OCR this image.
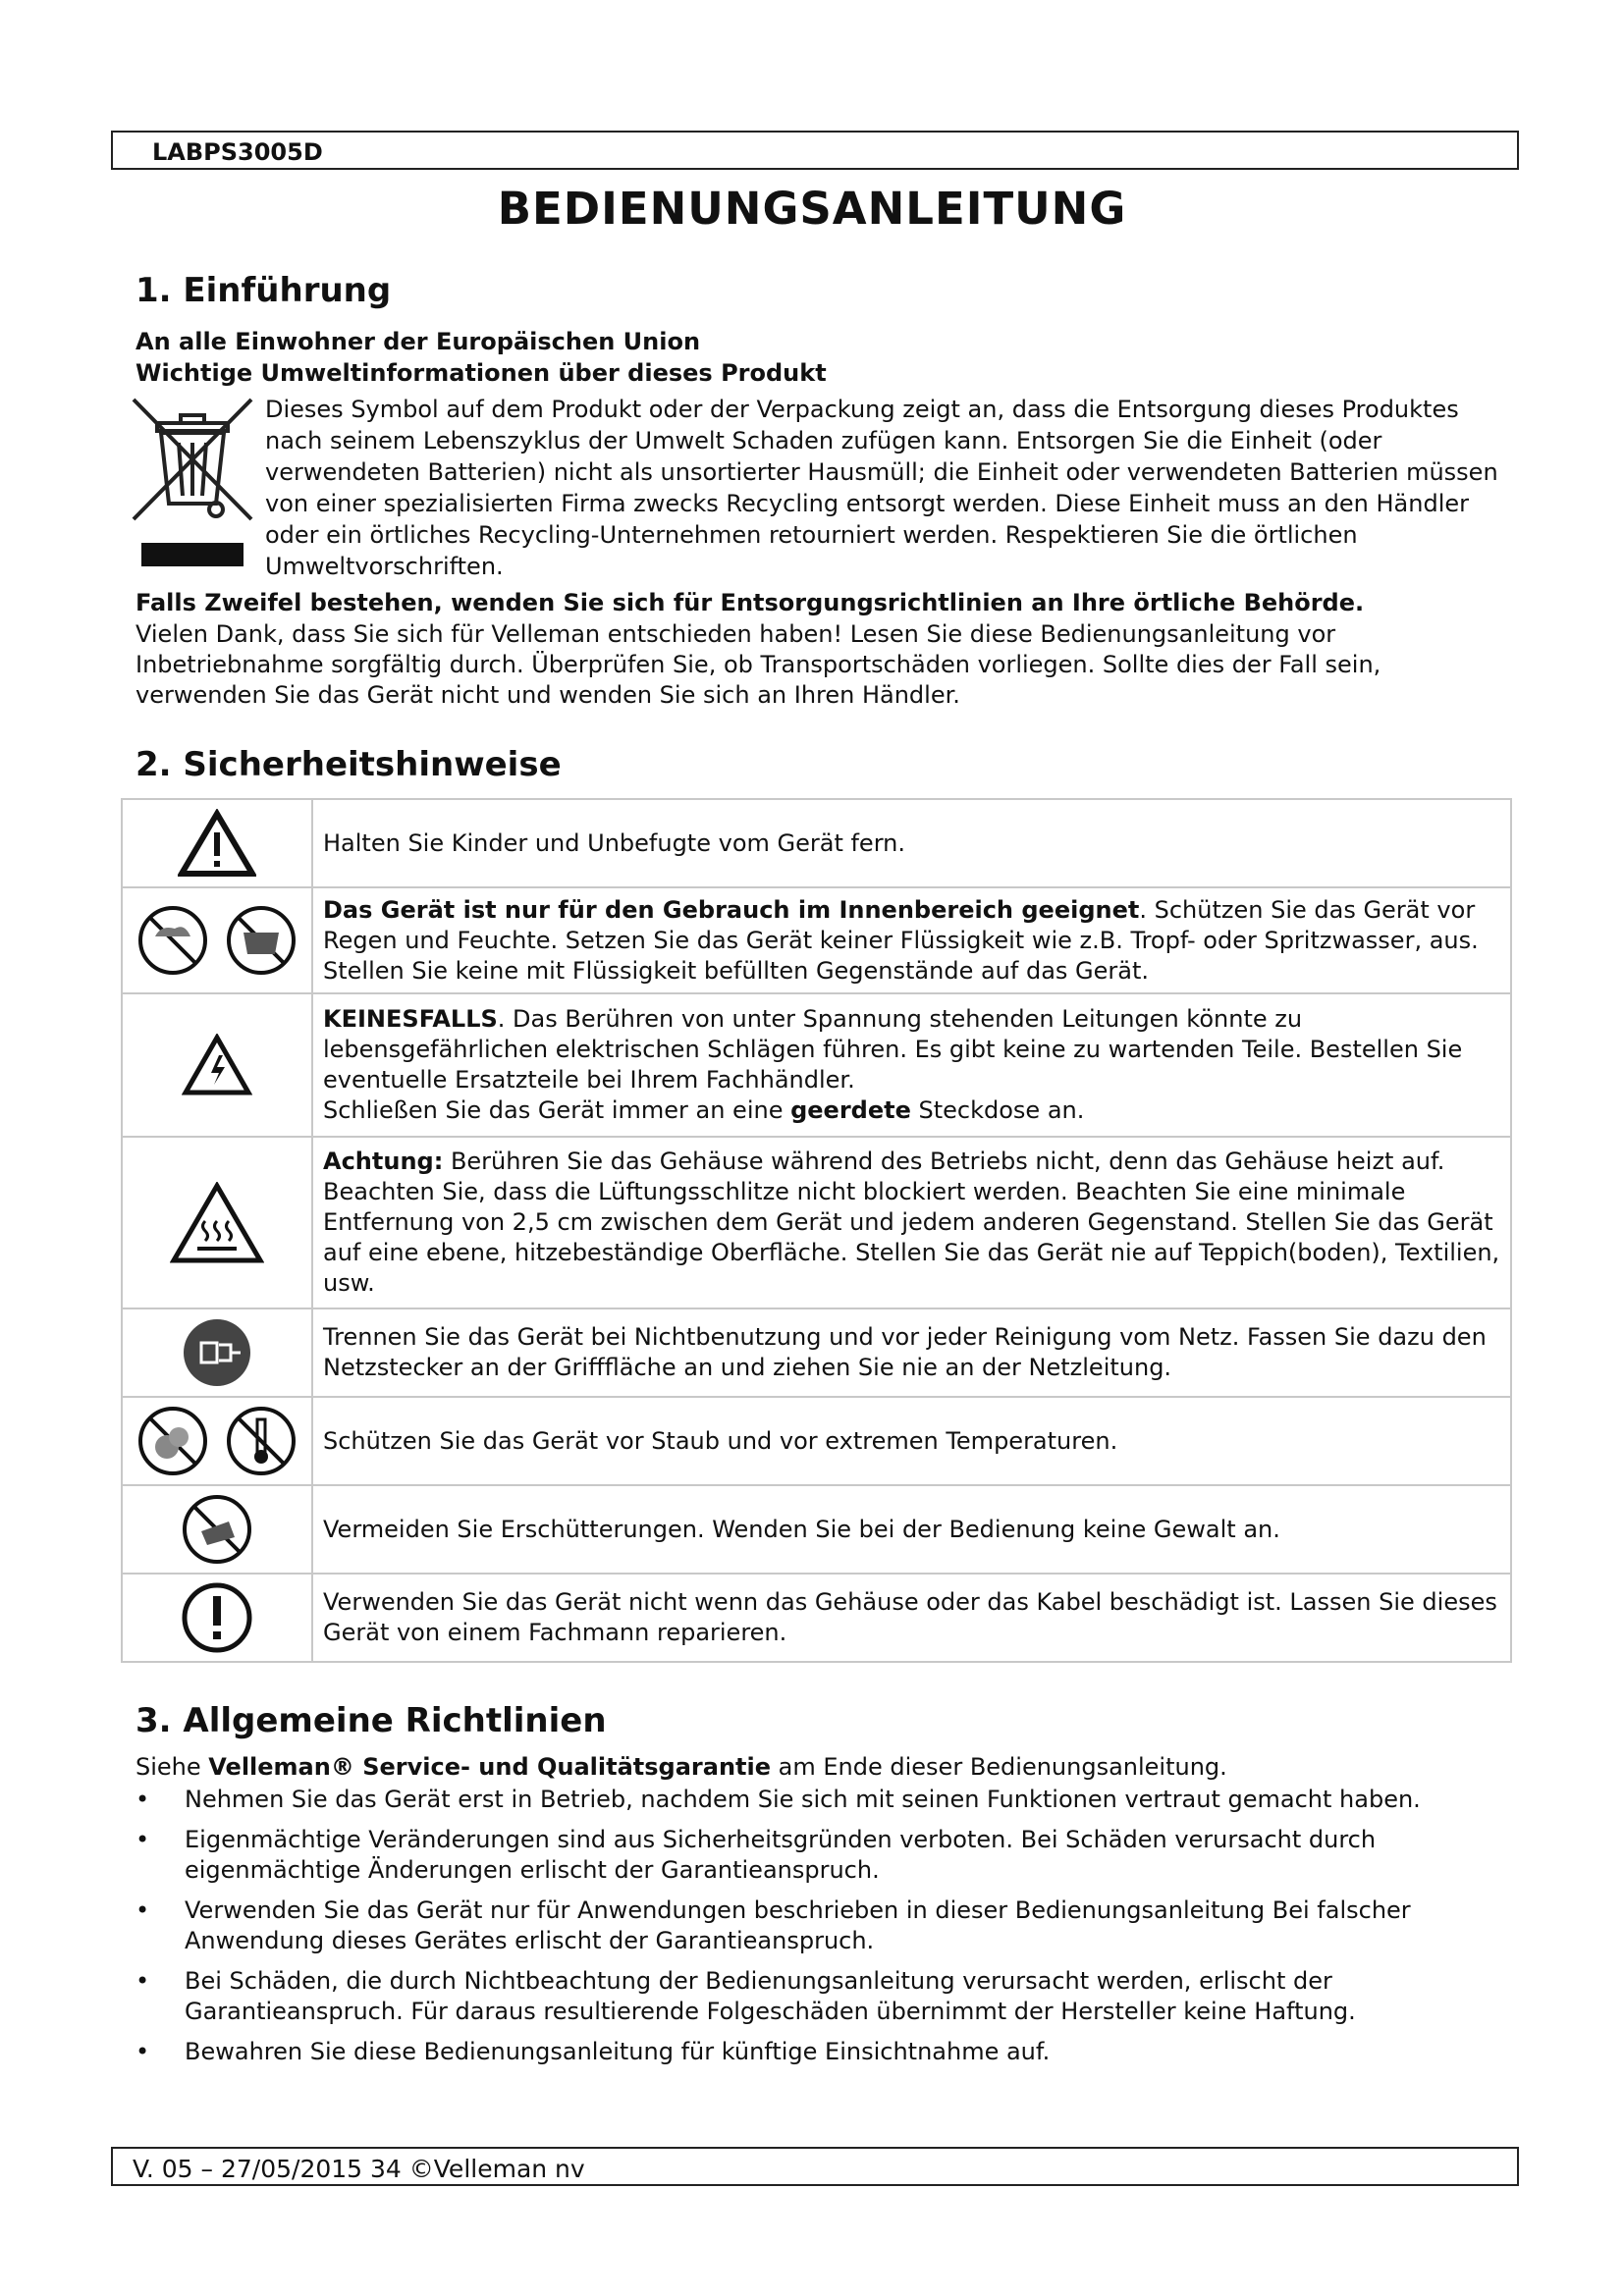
LABPS3005D
BEDIENUNGSANLEITUNG
1. Einführung
An alle Einwohner der Europäischen Union
Wichtige Umweltinformationen über dieses Produkt
Dieses Symbol auf dem Produkt oder der Verpackung zeigt an, dass die Entsorgung dieses Produktes nach seinem Lebenszyklus der Umwelt Schaden zufügen kann. Entsorgen Sie die Einheit (oder verwendeten Batterien) nicht als unsortierter Hausmüll; die Einheit oder verwendeten Batterien müssen von einer spezialisierten Firma zwecks Recycling entsorgt werden. Diese Einheit muss an den Händler oder ein örtliches Recycling-Unternehmen retourniert werden. Respektieren Sie die örtlichen Umweltvorschriften.
Falls Zweifel bestehen, wenden Sie sich für Entsorgungsrichtlinien an Ihre örtliche Behörde.
Vielen Dank, dass Sie sich für Velleman entschieden haben! Lesen Sie diese Bedienungsanleitung vor Inbetriebnahme sorgfältig durch. Überprüfen Sie, ob Transportschäden vorliegen. Sollte dies der Fall sein, verwenden Sie das Gerät nicht und wenden Sie sich an Ihren Händler.
2. Sicherheitshinweise
	Halten Sie Kinder und Unbefugte vom Gerät fern.

	Das Gerät ist nur für den Gebrauch im Innenbereich geeignet. Schützen Sie das Gerät vor Regen und Feuchte. Setzen Sie das Gerät keiner Flüssigkeit wie z.B. Tropf- oder Spritzwasser, aus. Stellen Sie keine mit Flüssigkeit befüllten Gegenstände auf das Gerät.

	KEINESFALLS. Das Berühren von unter Spannung stehenden Leitungen könnte zu lebensgefährlichen elektrischen Schlägen führen. Es gibt keine zu wartenden Teile. Bestellen Sie eventuelle Ersatzteile bei Ihrem Fachhändler.
Schließen Sie das Gerät immer an eine geerdete Steckdose an.

	Achtung: Berühren Sie das Gehäuse während des Betriebs nicht, denn das Gehäuse heizt auf. Beachten Sie, dass die Lüftungsschlitze nicht blockiert werden. Beachten Sie eine minimale Entfernung von 2,5 cm zwischen dem Gerät und jedem anderen Gegenstand. Stellen Sie das Gerät auf eine ebene, hitzebeständige Oberfläche. Stellen Sie das Gerät nie auf Teppich(boden), Textilien, usw.

	Trennen Sie das Gerät bei Nichtbenutzung und vor jeder Reinigung vom Netz. Fassen Sie dazu den Netzstecker an der Grifffläche an und ziehen Sie nie an der Netzleitung.

	Schützen Sie das Gerät vor Staub und vor extremen Temperaturen.

	Vermeiden Sie Erschütterungen. Wenden Sie bei der Bedienung keine Gewalt an.

	Verwenden Sie das Gerät nicht wenn das Gehäuse oder das Kabel beschädigt ist. Lassen Sie dieses Gerät von einem Fachmann reparieren.
3. Allgemeine Richtlinien
Siehe Velleman® Service- und Qualitätsgarantie am Ende dieser Bedienungsanleitung.
• Nehmen Sie das Gerät erst in Betrieb, nachdem Sie sich mit seinen Funktionen vertraut gemacht haben.
• Eigenmächtige Veränderungen sind aus Sicherheitsgründen verboten. Bei Schäden verursacht durch eigenmächtige Änderungen erlischt der Garantieanspruch.
• Verwenden Sie das Gerät nur für Anwendungen beschrieben in dieser Bedienungsanleitung Bei falscher Anwendung dieses Gerätes erlischt der Garantieanspruch.
• Bei Schäden, die durch Nichtbeachtung der Bedienungsanleitung verursacht werden, erlischt der Garantieanspruch. Für daraus resultierende Folgeschäden übernimmt der Hersteller keine Haftung.
• Bewahren Sie diese Bedienungsanleitung für künftige Einsichtnahme auf.
V. 05 – 27/05/2015 34 ©Velleman nv
